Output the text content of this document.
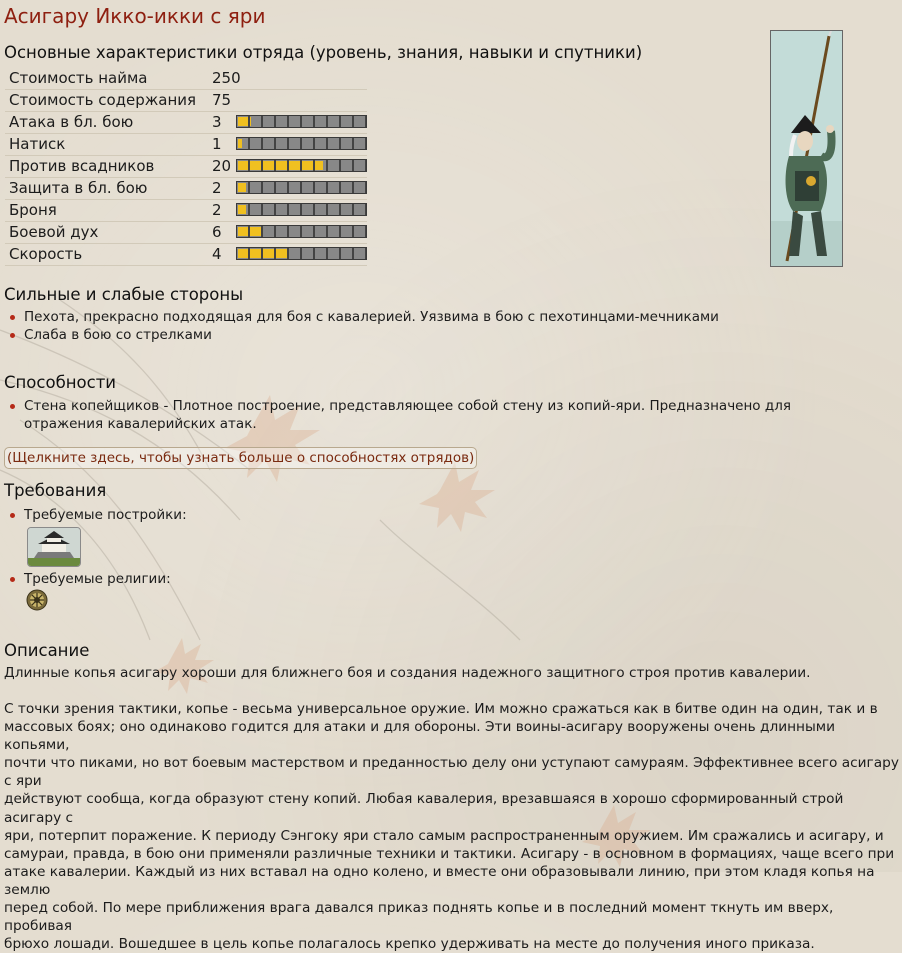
Асигару Икко-икки с яри
Основные характеристики отряда (уровень, знания, навыки и спутники)
Стоимость найма	250
Стоимость содержания 75
Атака в бл. бою	3
Натиск	1
Против всадников	20
Защита в бл. бою	2
Броня	2
Боевой дух	6
Скорость	4
Сильные и слабые стороны
Пехота, прекрасно подходящая для боя с кавалерией. Уязвима в бою с пехотинцами-мечниками
Слаба в бою со стрелками
Способности
Стена копейщиков - Плотное построение, представляющее собой стену из копий-яри. Предназначено для отражения кавалерийских атак.
(Щелкните здесь, чтобы узнать больше о способностях отрядов)
Требования
Требуемые постройки:
Требуемые религии:
Описание

Длинные копья асигару хороши для ближнего боя и создания надежного защитного строя против кавалерии.

С точки зрения тактики, копье - весьма универсальное оружие. Им можно сражаться как в битве один на один, так и в
массовых боях; оно одинаково годится для атаки и для обороны. Эти воины-асигару вооружены очень длинными копьями,
почти что пиками, но вот боевым мастерством и преданностью делу они уступают самураям. Эффективнее всего асигару с яри
действуют сообща, когда образуют стену копий. Любая кавалерия, врезавшаяся в хорошо сформированный строй асигару с
яри, потерпит поражение. К периоду Сэнгоку яри стало самым распространенным оружием. Им сражались и асигару, и
самураи, правда, в бою они применяли различные техники и тактики. Асигару - в основном в формациях, чаще всего при
атаке кавалерии. Каждый из них вставал на одно колено, и вместе они образовывали линию, при этом кладя копья на землю
перед собой. По мере приближения врага давался приказ поднять копье и в последний момент ткнуть им вверх, пробивая
брюхо лошади. Вошедшее в цель копье полагалось крепко удерживать на месте до получения иного приказа.
